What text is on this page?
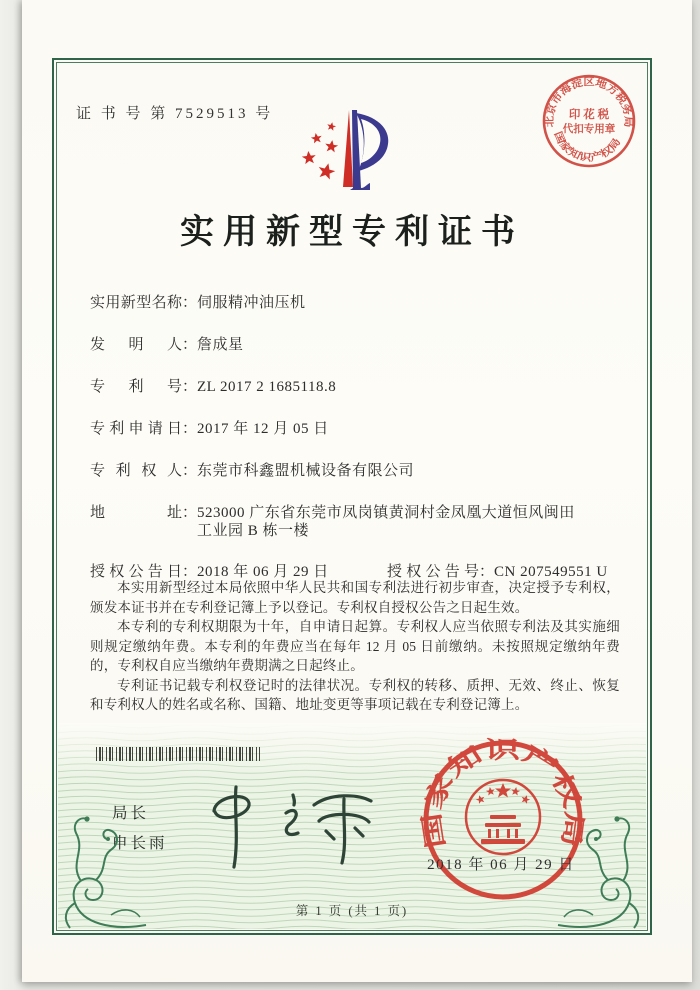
证 书 号 第 7529513 号
北京市海淀区地方税务局
国家知识产权局
印 花 税
代扣专用章
实用新型专利证书
实用新型名称 ： 伺服精冲油压机
发明人 ： 詹成星
专利号 ： ZL 2017 2 1685118.8
专利申请日 ： 2017 年 12 月 05 日
专利权人 ： 东莞市科鑫盟机械设备有限公司
地址 ： 523000 广东省东莞市凤岗镇黄洞村金凤凰大道恒风闽田
工业园 B 栋一楼
授权公告日 ： 2018 年 06 月 29 日	授权公告号 ： CN 207549551 U

本实用新型经过本局依照中华人民共和国专利法进行初步审查，决定授予专利权，颁发本证书并在专利登记簿上予以登记。专利权自授权公告之日起生效。

本专利的专利权期限为十年，自申请日起算。专利权人应当依照专利法及其实施细则规定缴纳年费。本专利的年费应当在每年 12 月 05 日前缴纳。未按照规定缴纳年费的，专利权自应当缴纳年费期满之日起终止。

专利证书记载专利权登记时的法律状况。专利权的转移、质押、无效、终止、恢复和专利权人的姓名或名称、国籍、地址变更等事项记载在专利登记簿上。

局长
申长雨	国家知识产权局
2018 年 06 月 29 日
第 1 页 (共 1 页)
